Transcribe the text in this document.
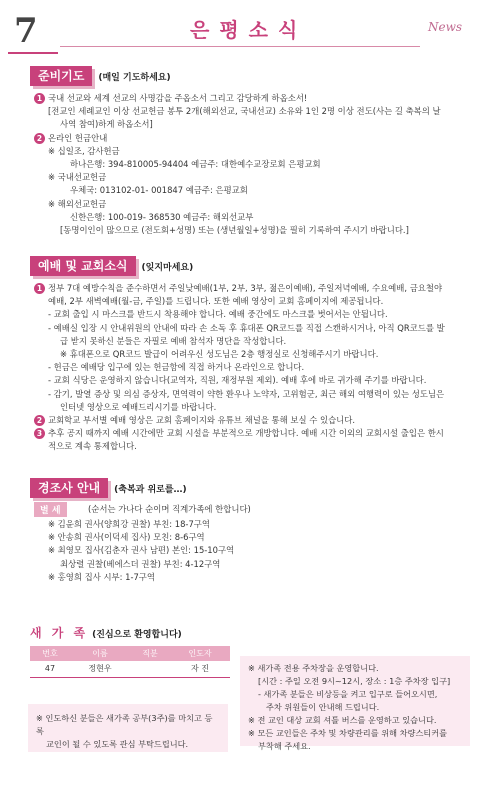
7	은평소식	News
준비기도	(매일 기도하세요)
1 국내 선교와 세계 선교의 사명감을 주옵소서 그리고 감당하게 하옵소서!
[전교인 세례교인 이상 선교헌금 봉투 2개(해외선교, 국내선교) 소유와 1인 2명 이상 전도(사는 길 축복의 날
사역 참여)하게 하옵소서]
2 온라인 헌금안내
※ 십일조, 감사헌금
하나은행: 394-810005-94404 예금주: 대한예수교장로회 은평교회
※ 국내선교헌금
우체국: 013102-01- 001847 예금주: 은평교회
※ 해외선교헌금
신한은행: 100-019- 368530 예금주: 해외선교부
[동명이인이 많으므로 (전도회+성명) 또는 (생년월일+성명)을 필히 기록하여 주시기 바랍니다.]
예배 및 교회소식	(잊지마세요)
1 정부 7대 예방수칙을 준수하면서 주일낮예배(1부, 2부, 3부, 젊은이예배), 주일저녁예배, 수요예배, 금요철야
예배, 2부 새벽예배(월-금, 주일)를 드립니다. 또한 예배 영상이 교회 홈페이지에 제공됩니다.
- 교회 출입 시 마스크를 반드시 착용해야 합니다. 예배 중간에도 마스크를 벗어서는 안됩니다.
- 예배실 입장 시 안내위원의 안내에 따라 손 소독 후 휴대폰 QR코드를 직접 스캔하시거나, 아직 QR코드를 발
급 받지 못하신 분들은 자필로 예배 참석자 명단을 작성합니다.
※ 휴대폰으로 QR코드 발급이 어려우신 성도님은 2층 행정실로 신청해주시기 바랍니다.
- 헌금은 예배당 입구에 있는 헌금함에 직접 하거나 온라인으로 합니다.
- 교회 식당은 운영하지 않습니다(교역자, 직원, 재정부원 제외). 예배 후에 바로 귀가해 주기를 바랍니다.
- 감기, 발열 증상 및 의심 증상자, 면역력이 약한 환우나 노약자, 고위험군, 최근 해외 여행력이 있는 성도님은
인터넷 영상으로 예배드리시기를 바랍니다.
2 교회학교 부서별 예배 영상은 교회 홈페이지와 유튜브 채널을 통해 보실 수 있습니다.
3 추후 공지 때까지 예배 시간에만 교회 시설을 부분적으로 개방합니다. 예배 시간 이외의 교회시설 출입은 한시
적으로 계속 통제합니다.
경조사 안내	(축복과 위로를…)
별 세	(순서는 가나다 순이며 직계가족에 한합니다)
※ 김윤희 권사(양희강 권찰) 부친: 18-7구역
※ 안송희 권사(이덕세 집사) 모친: 8-6구역
※ 최영모 집사(김춘자 권사 남편) 본인: 15-10구역
최상렬 권찰(베에스더 권찰) 부친: 4-12구역
※ 홍영희 집사 시부: 1-7구역
새 가 족 (진심으로 환영합니다)
번호	이름	직분	인도자
47	정현우		자 진
※ 인도하신 분들은 새가족 공부(3주)를 마치고 등록
교인이 될 수 있도록 관심 부탁드립니다.
※ 새가족 전용 주차장을 운영합니다.
[시간 : 주일 오전 9시~12시, 장소 : 1층 주차장 입구]
- 새가족 분들은 비상등을 켜고 입구로 들어오시면,
주차 위원들이 안내해 드립니다.
※ 전 교인 대상 교회 셔틀 버스를 운영하고 있습니다.
※ 모든 교인들은 주차 및 차량관리를 위해 차량스티커를
부착해 주세요.
